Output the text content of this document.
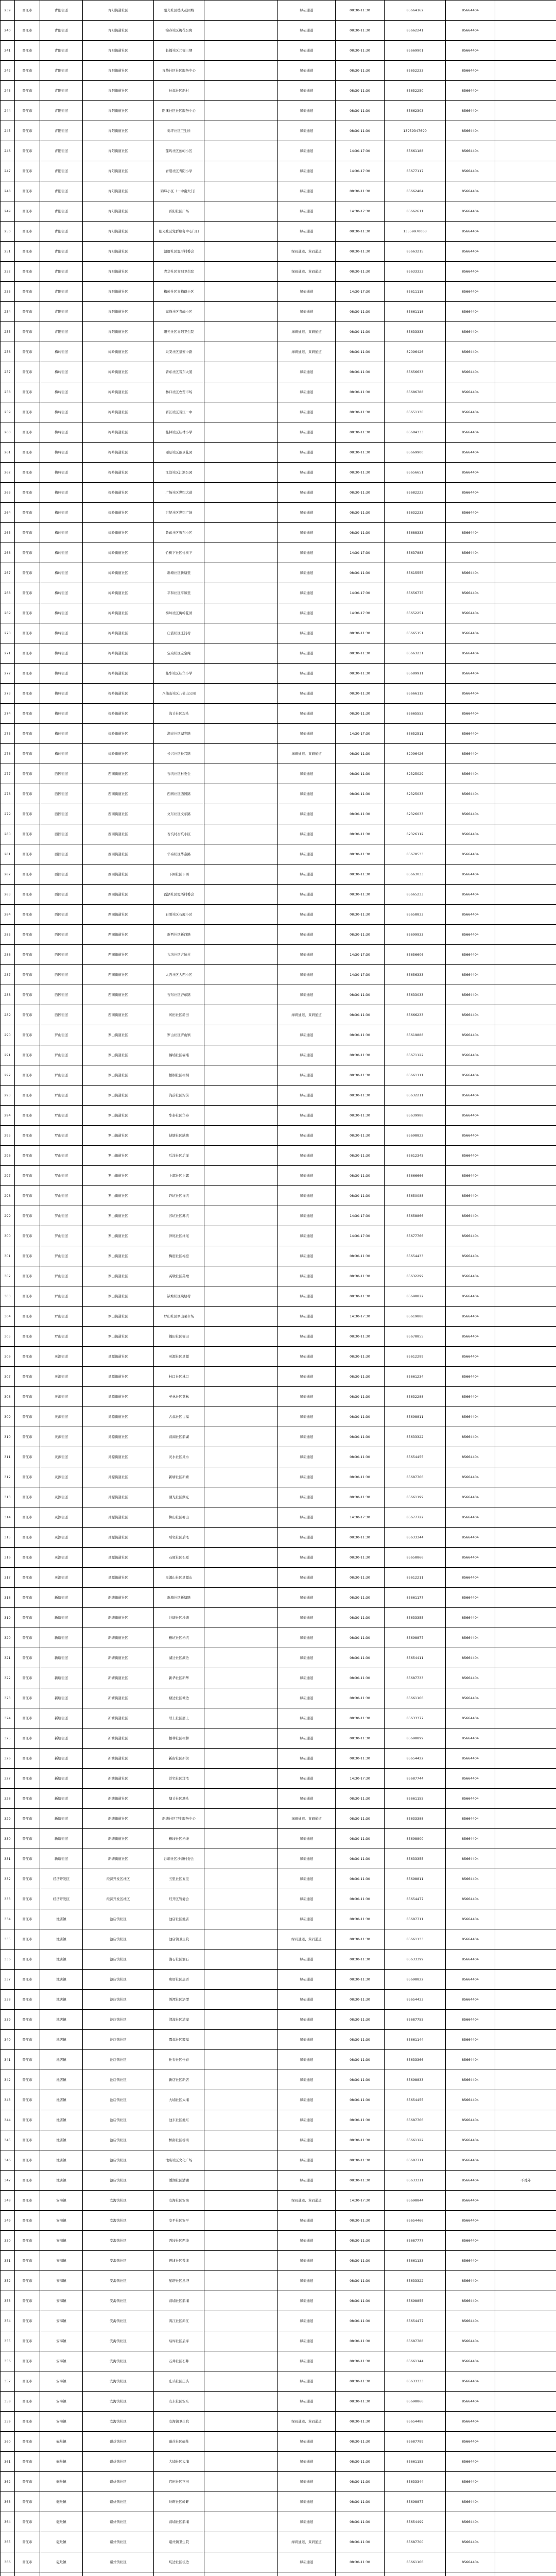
239	晋江市	青阳街道	青阳街道社区	阳光社区德庆花园城		绿码通道	08:30-11:30	85664162	85664404	
240	晋江市	青阳街道	青阳街道社区	锦春社区梅花公寓		绿码通道	08:30-11:30	85662241	85664404	
241	晋江市	青阳街道	青阳街道社区	长福社区元福三期		绿码通道	08:30-11:30	85669901	85664404	
242	晋江市	青阳街道	青阳街道社区	青华社区社区服务中心		绿码通道	08:30-11:30	85652233	85664404	
243	晋江市	青阳街道	青阳街道社区	长福社区新村		绿码通道	08:30-11:30	85652250	85664404	
244	晋江市	青阳街道	青阳街道社区	阳溪社区社区服务中心		绿码通道	08:30-11:30	85662303	85664404	
245	晋江市	青阳街道	青阳街道社区	荷坪社区卫生所		绿码通道	08:30-11:30	13959347690	85664404	
246	晋江市	青阳街道	青阳街道社区	莲屿社区莲屿小区		绿码通道	14:30-17:30	85661188	85664404	
247	晋江市	青阳街道	青阳街道社区	青阳社区青阳小学		绿码通道	14:30-17:30	85677117	85664404	
248	晋江市	青阳街道	青阳街道社区	锦峰小区（一中南大门）		绿码通道	08:30-11:30	85662484	85664404	
249	晋江市	青阳街道	青阳街道社区	晋阳社区广场		绿码通道	14:30-17:30	85662611	85664404	
250	晋江市	青阳街道	青阳街道社区	阳光社区党群服务中心门口		绿码通道	08:30-11:30	13559970063	85664404	
251	晋江市	青阳街道	青阳街道社区	温厝社区温厝村委会		绿码通道、黄码通道	08:30-11:30	85663215	85664404	
252	晋江市	青阳街道	青阳街道社区	青华社区青阳卫生院		绿码通道、黄码通道	08:30-11:30	85633333	85664404	
253	晋江市	青阳街道	青阳街道社区	梅岭社区青梅路小区		绿码通道	14:30-17:30	85611118	85664404	
254	晋江市	青阳街道	青阳街道社区	高峰社区青峰小区		绿码通道	08:30-11:30	85661118	85664404	
255	晋江市	青阳街道	青阳街道社区	阳光社区青阳卫生院		绿码通道、黄码通道	08:30-11:30	85633333	85664404	
256	晋江市	梅岭街道	梅岭街道社区	泉安社区泉安中路		绿码通道、黄码通道	08:30-11:30	82096426	85664404	
257	晋江市	梅岭街道	梅岭街道社区	晋东社区晋东大厦		绿码通道	08:30-11:30	85656633	85664404	
258	晋江市	梅岭街道	梅岭街道社区	林口社区农贸市场		绿码通道	08:30-11:30	85686788	85664404	
259	晋江市	梅岭街道	梅岭街道社区	晋江社区晋江一中		绿码通道	08:30-11:30	85651130	85664404	
260	晋江市	梅岭街道	梅岭街道社区	桂林社区桂林小学		绿码通道	08:30-11:30	85684333	85664404	
261	晋江市	梅岭街道	梅岭街道社区	丽景社区丽景花园		绿码通道	08:30-11:30	85669900	85664404	
262	晋江市	梅岭街道	梅岭街道社区	江滨社区江滨公园		绿码通道	08:30-11:30	85656651	85664404	
263	晋江市	梅岭街道	梅岭街道社区	广场社区世纪大道		绿码通道	08:30-11:30	85682223	85664404	
264	晋江市	梅岭街道	梅岭街道社区	世纪社区世纪广场		绿码通道	08:30-11:30	85632233	85664404	
265	晋江市	梅岭街道	梅岭街道社区	鲁东社区鲁东小区		绿码通道	08:30-11:30	85688333	85664404	
266	晋江市	梅岭街道	梅岭街道社区	竹树下社区竹树下		绿码通道	14:30-17:30	85637883	85664404	
267	晋江市	梅岭街道	梅岭街道社区	新塘社区新塘里		绿码通道	08:30-11:30	85615555	85664404	
268	晋江市	梅岭街道	梅岭街道社区	平和社区平和里		绿码通道	14:30-17:30	85656775	85664404	
269	晋江市	梅岭街道	梅岭街道社区	梅岭社区梅岭花园		绿码通道	14:30-17:30	85652251	85664404	
270	晋江市	梅岭街道	梅岭街道社区	庄浦社区庄浦村		绿码通道	08:30-11:30	85665151	85664404	
271	晋江市	梅岭街道	梅岭街道社区	宝泉社区宝泉庵		绿码通道	08:30-11:30	85663231	85664404	
272	晋江市	梅岭街道	梅岭街道社区	桂华社区桂华小学		绿码通道	08:30-11:30	85689911	85664404	
273	晋江市	梅岭街道	梅岭街道社区	八仙山社区八仙山公园		绿码通道	08:30-11:30	85666112	85664404	
274	晋江市	梅岭街道	梅岭街道社区	沟头社区沟头		绿码通道	08:30-11:30	85665553	85664404	
275	晋江市	梅岭街道	梅岭街道社区	湖光社区湖光路		绿码通道	14:30-17:30	85652511	85664404	
276	晋江市	梅岭街道	梅岭街道社区	长兴社区长兴路		绿码通道、黄码通道	08:30-11:30	82096426	85664404	
277	晋江市	西园街道	西园街道社区	杏坑社区村委会		绿码通道	08:30-11:30	82325029	85664404	
278	晋江市	西园街道	西园街道社区	西园社区西园路		绿码通道	08:30-11:30	82325033	85664404	
279	晋江市	西园街道	西园街道社区	文东社区文东路		绿码通道	08:30-11:30	82326033	85664404	
280	晋江市	西园街道	西园街道社区	杏坑村杏坑小区		绿码通道	08:30-11:30	82326112	85664404	
281	晋江市	西园街道	西园街道社区	华泰社区华泰路		绿码通道	08:30-11:30	85678533	85664404	
282	晋江市	西园街道	西园街道社区	下围社区下围		绿码通道	08:30-11:30	85663033	85664404	
283	晋江市	西园街道	西园街道社区	霞浯社区霞浯村委会		绿码通道	08:30-11:30	85665233	85664404	
284	晋江市	西园街道	西园街道社区	石厦社区石厦小区		绿码通道	08:30-11:30	85658833	85664404	
285	晋江市	西园街道	西园街道社区	新西社区新西路		绿码通道	08:30-11:30	85699933	85664404	
286	晋江市	西园街道	西园街道社区	古坑社区古坑村		绿码通道	14:30-17:30	85656606	85664404	
287	晋江市	西园街道	西园街道社区	大西社区大西小区		绿码通道	14:30-17:30	85656333	85664404	
288	晋江市	西园街道	西园街道社区	杏东社区杏东路		绿码通道	08:30-11:30	85633033	85664404	
289	晋江市	西园街道	西园街道社区	砖田社区砖田		绿码通道、黄码通道	08:30-11:30	85666233	85664404	
290	晋江市	罗山街道	罗山街道社区	罗山社区罗山镇		绿码通道	08:30-11:30	85619888	85664404	
291	晋江市	罗山街道	罗山街道社区	福埔社区福埔		绿码通道	08:30-11:30	85671122	85664404	
292	晋江市	罗山街道	罗山街道社区	梧桐社区梧桐		绿码通道	08:30-11:30	85661111	85664404	
293	晋江市	罗山街道	罗山街道社区	沟前社区沟前		绿码通道	08:30-11:30	85632211	85664404	
294	晋江市	罗山街道	罗山街道社区	华泰社区华泰		绿码通道	08:30-11:30	85639988	85664404	
295	晋江市	罗山街道	罗山街道社区	缺塘社区缺塘		绿码通道	08:30-11:30	85698822	85664404	
296	晋江市	罗山街道	罗山街道社区	后洋社区后洋		绿码通道	08:30-11:30	85612345	85664404	
297	晋江市	罗山街道	罗山街道社区	上郭社区上郭		绿码通道	08:30-11:30	85666666	85664404	
298	晋江市	罗山街道	罗山街道社区	许坑社区许坑		绿码通道	08:30-11:30	85650088	85664404	
299	晋江市	罗山街道	罗山街道社区	苏坑社区苏坑		绿码通道	14:30-17:30	85658866	85664404	
300	晋江市	罗山街道	罗山街道社区	洋尾社区洋尾		绿码通道	14:30-17:30	85677766	85664404	
301	晋江市	罗山街道	罗山街道社区	梅庭社区梅庭		绿码通道	08:30-11:30	85654433	85664404	
302	晋江市	罗山街道	罗山街道社区	英墩社区英墩		绿码通道	08:30-11:30	85632299	85664404	
303	晋江市	罗山街道	罗山街道社区	缺塘社区缺塘村		绿码通道	08:30-11:30	85698822	85664404	
304	晋江市	罗山街道	罗山街道社区	罗山社区罗山菜市场		绿码通道	14:30-17:30	85619888	85664404	
305	晋江市	罗山街道	罗山街道社区	福田社区福田		绿码通道	08:30-11:30	85678855	85664404	
306	晋江市	灵源街道	灵源街道社区	灵源社区灵源		绿码通道	08:30-11:30	85612299	85664404	
307	晋江市	灵源街道	灵源街道社区	林口社区林口		绿码通道	08:30-11:30	85661234	85664404	
308	晋江市	灵源街道	灵源街道社区	英林社区英林		绿码通道	08:30-11:30	85632288	85664404	
309	晋江市	灵源街道	灵源街道社区	古福社区古福		绿码通道	08:30-11:30	85698811	85664404	
310	晋江市	灵源街道	灵源街道社区	前湖社区前湖		绿码通道	08:30-11:30	85633322	85664404	
311	晋江市	灵源街道	灵源街道社区	灵水社区灵水		绿码通道	08:30-11:30	85654455	85664404	
312	晋江市	灵源街道	灵源街道社区	新塘社区新塘		绿码通道	08:30-11:30	85687766	85664404	
313	晋江市	灵源街道	灵源街道社区	湖光社区湖光		绿码通道	08:30-11:30	85661199	85664404	
314	晋江市	灵源街道	灵源街道社区	柳山社区柳山		绿码通道	14:30-17:30	85677722	85664404	
315	晋江市	灵源街道	灵源街道社区	后宅社区后宅		绿码通道	08:30-11:30	85633344	85664404	
316	晋江市	灵源街道	灵源街道社区	石厦社区石厦		绿码通道	08:30-11:30	85658866	85664404	
317	晋江市	灵源街道	灵源街道社区	灵源山社区灵源山		绿码通道	08:30-11:30	85612211	85664404	
318	晋江市	新塘街道	新塘街道社区	新塘社区新塘路		绿码通道	08:30-11:30	85661177	85664404	
319	晋江市	新塘街道	新塘街道社区	沙塘社区沙塘		绿码通道	08:30-11:30	85633355	85664404	
320	晋江市	新塘街道	新塘街道社区	梧坑社区梧坑		绿码通道	08:30-11:30	85698877	85664404	
321	晋江市	新塘街道	新塘街道社区	湖边社区湖边		绿码通道	08:30-11:30	85654411	85664404	
322	晋江市	新塘街道	新塘街道社区	新华社区新华		绿码通道	08:30-11:30	85687733	85664404	
323	晋江市	新塘街道	新塘街道社区	塘边社区塘边		绿码通道	08:30-11:30	85661166	85664404	
324	晋江市	新塘街道	新塘街道社区	厝上社区厝上		绿码通道	08:30-11:30	85633377	85664404	
325	晋江市	新塘街道	新塘街道社区	梧林社区梧林		绿码通道	08:30-11:30	85698899	85664404	
326	晋江市	新塘街道	新塘街道社区	新街社区新街		绿码通道	08:30-11:30	85654422	85664404	
327	晋江市	新塘街道	新塘街道社区	洋宅社区洋宅		绿码通道	14:30-17:30	85687744	85664404	
328	晋江市	新塘街道	新塘街道社区	塘头社区塘头		绿码通道	08:30-11:30	85661155	85664404	
329	晋江市	新塘街道	新塘街道社区	新塘社区卫生服务中心		绿码通道、黄码通道	08:30-11:30	85633388	85664404	
330	晋江市	新塘街道	新塘街道社区	梧垵社区梧垵		绿码通道	08:30-11:30	85698800	85664404	
331	晋江市	新塘街道	新塘街道社区	沙塘社区沙塘村委会		绿码通道	08:30-11:30	85633355	85664404	
332	晋江市	经济开发区	经济开发区社区	五里社区五里		绿码通道	08:30-11:30	85698811	85664404	
333	晋江市	经济开发区	经济开发区社区	经开区管委会		绿码通道	08:30-11:30	85654477	85664404	
334	晋江市	池店镇	池店镇社区	池店社区池店		绿码通道	08:30-11:30	85687711	85664404	
335	晋江市	池店镇	池店镇社区	池店镇卫生院		绿码通道、黄码通道	08:30-11:30	85661133	85664404	
336	晋江市	池店镇	池店镇社区	溜石社区溜石		绿码通道	08:30-11:30	85633399	85664404	
337	晋江市	池店镇	池店镇社区	唐厝社区唐厝		绿码通道	08:30-11:30	85698822	85664404	
338	晋江市	池店镇	池店镇社区	浯潭社区浯潭		绿码通道	08:30-11:30	85654433	85664404	
339	晋江市	池店镇	池店镇社区	清濛社区清濛		绿码通道	08:30-11:30	85687755	85664404	
340	晋江市	池店镇	池店镇社区	霞福社区霞福		绿码通道	08:30-11:30	85661144	85664404	
341	晋江市	池店镇	池店镇社区	仕春社区仕春		绿码通道	08:30-11:30	85633366	85664404	
342	晋江市	池店镇	池店镇社区	新店社区新店		绿码通道	08:30-11:30	85698833	85664404	
343	晋江市	池店镇	池店镇社区	大埔社区大埔		绿码通道	08:30-11:30	85654455	85664404	
344	晋江市	池店镇	池店镇社区	池东社区池东		绿码通道	08:30-11:30	85687766	85664404	
345	晋江市	池店镇	池店镇社区	桥南社区桥南		绿码通道	08:30-11:30	85661122	85664404	
346	晋江市	池店镇	池店镇社区	池店社区文化广场		绿码通道	08:30-11:30	85687711	85664404	
347	晋江市	池店镇	池店镇社区	潘湖社区潘湖		绿码通道	08:30-11:30	85633311	85664404	不对外
348	晋江市	安海镇	安海镇社区	安海社区安海		绿码通道、黄码通道	14:30-17:30	85698844	85664404	
349	晋江市	安海镇	安海镇社区	安平社区安平		绿码通道	08:30-11:30	85654466	85664404	
350	晋江市	安海镇	安海镇社区	西垵社区西垵		绿码通道	08:30-11:30	85687777	85664404	
351	晋江市	安海镇	安海镇社区	曾埭社区曾埭		绿码通道	08:30-11:30	85661133	85664404	
352	晋江市	安海镇	安海镇社区	星塔社区星塔		绿码通道	08:30-11:30	85633322	85664404	
353	晋江市	安海镇	安海镇社区	前埔社区前埔		绿码通道	08:30-11:30	85698855	85664404	
354	晋江市	安海镇	安海镇社区	鸿江社区鸿江		绿码通道	08:30-11:30	85654477	85664404	
355	晋江市	安海镇	安海镇社区	后库社区后库		绿码通道	08:30-11:30	85687788	85664404	
356	晋江市	安海镇	安海镇社区	石井社区石井		绿码通道	08:30-11:30	85661144	85664404	
357	晋江市	安海镇	安海镇社区	庄头社区庄头		绿码通道	08:30-11:30	85633333	85664404	
358	晋江市	安海镇	安海镇社区	安东社区安东		绿码通道	08:30-11:30	85698866	85664404	
359	晋江市	安海镇	安海镇社区	安海镇卫生院		绿码通道、黄码通道	08:30-11:30	85654488	85664404	
360	晋江市	磁灶镇	磁灶镇社区	磁灶社区磁灶		绿码通道	08:30-11:30	85687799	85664404	
361	晋江市	磁灶镇	磁灶镇社区	大埔社区大埔		绿码通道	08:30-11:30	85661155	85664404	
362	晋江市	磁灶镇	磁灶镇社区	官田社区官田		绿码通道	08:30-11:30	85633344	85664404	
363	晋江市	磁灶镇	磁灶镇社区	岭畔社区岭畔		绿码通道	08:30-11:30	85698877	85664404	
364	晋江市	磁灶镇	磁灶镇社区	前埔社区前埔		绿码通道	08:30-11:30	85654499	85664404	
365	晋江市	磁灶镇	磁灶镇社区	磁灶镇卫生院		绿码通道、黄码通道	08:30-11:30	85687700	85664404	
366	晋江市	磁灶镇	磁灶镇社区	坑边社区坑边		绿码通道	08:30-11:30	85661166	85664404	
